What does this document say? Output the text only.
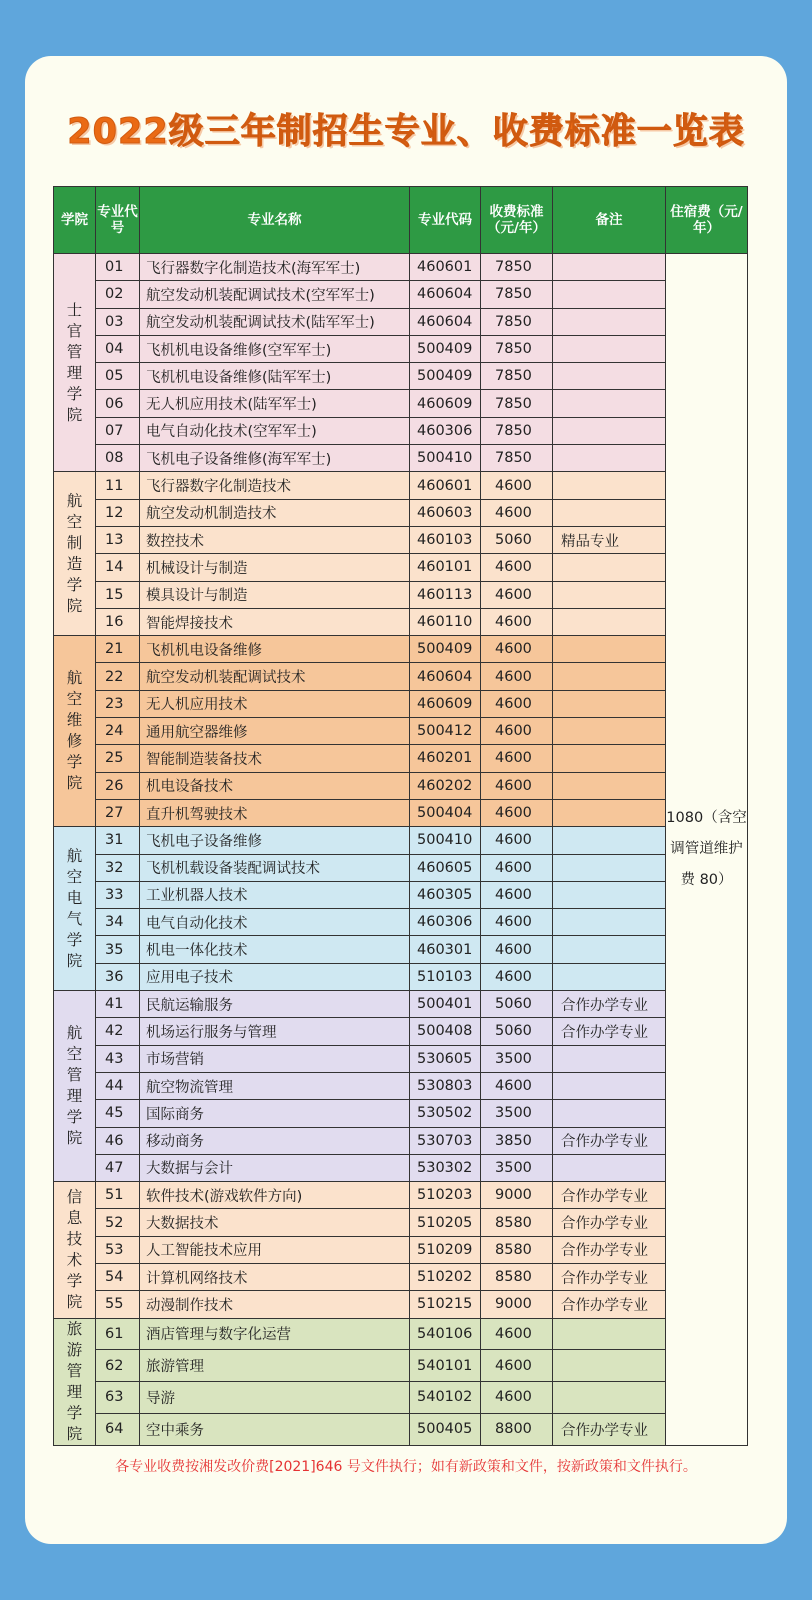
2022级三年制招生专业、收费标准一览表
学院	专业代号	专业名称	专业代码	收费标准（元/年）	备注	住宿费（元/年）
士官管理学院	01	飞行器数字化制造技术(海军军士)	460601	7850		1080（含空调管道维护费 80）
	02	航空发动机装配调试技术(空军军士)	460604	7850		
	03	航空发动机装配调试技术(陆军军士)	460604	7850		
	04	飞机机电设备维修(空军军士)	500409	7850		
	05	飞机机电设备维修(陆军军士)	500409	7850		
	06	无人机应用技术(陆军军士)	460609	7850		
	07	电气自动化技术(空军军士)	460306	7850		
	08	飞机电子设备维修(海军军士)	500410	7850		
航空制造学院	11	飞行器数字化制造技术	460601	4600		
	12	航空发动机制造技术	460603	4600		
	13	数控技术	460103	5060	精品专业	
	14	机械设计与制造	460101	4600		
	15	模具设计与制造	460113	4600		
	16	智能焊接技术	460110	4600		
航空维修学院	21	飞机机电设备维修	500409	4600		
	22	航空发动机装配调试技术	460604	4600		
	23	无人机应用技术	460609	4600		
	24	通用航空器维修	500412	4600		
	25	智能制造装备技术	460201	4600		
	26	机电设备技术	460202	4600		
	27	直升机驾驶技术	500404	4600		
航空电气学院	31	飞机电子设备维修	500410	4600		
	32	飞机机载设备装配调试技术	460605	4600		
	33	工业机器人技术	460305	4600		
	34	电气自动化技术	460306	4600		
	35	机电一体化技术	460301	4600		
	36	应用电子技术	510103	4600		
航空管理学院	41	民航运输服务	500401	5060	合作办学专业	
	42	机场运行服务与管理	500408	5060	合作办学专业	
	43	市场营销	530605	3500		
	44	航空物流管理	530803	4600		
	45	国际商务	530502	3500		
	46	移动商务	530703	3850	合作办学专业	
	47	大数据与会计	530302	3500		
信息技术学院	51	软件技术(游戏软件方向)	510203	9000	合作办学专业	
	52	大数据技术	510205	8580	合作办学专业	
	53	人工智能技术应用	510209	8580	合作办学专业	
	54	计算机网络技术	510202	8580	合作办学专业	
	55	动漫制作技术	510215	9000	合作办学专业	
旅游管理学院	61	酒店管理与数字化运营	540106	4600		
	62	旅游管理	540101	4600		
	63	导游	540102	4600		
	64	空中乘务	500405	8800	合作办学专业	
各专业收费按湘发改价费[2021]646 号文件执行；如有新政策和文件，按新政策和文件执行。
